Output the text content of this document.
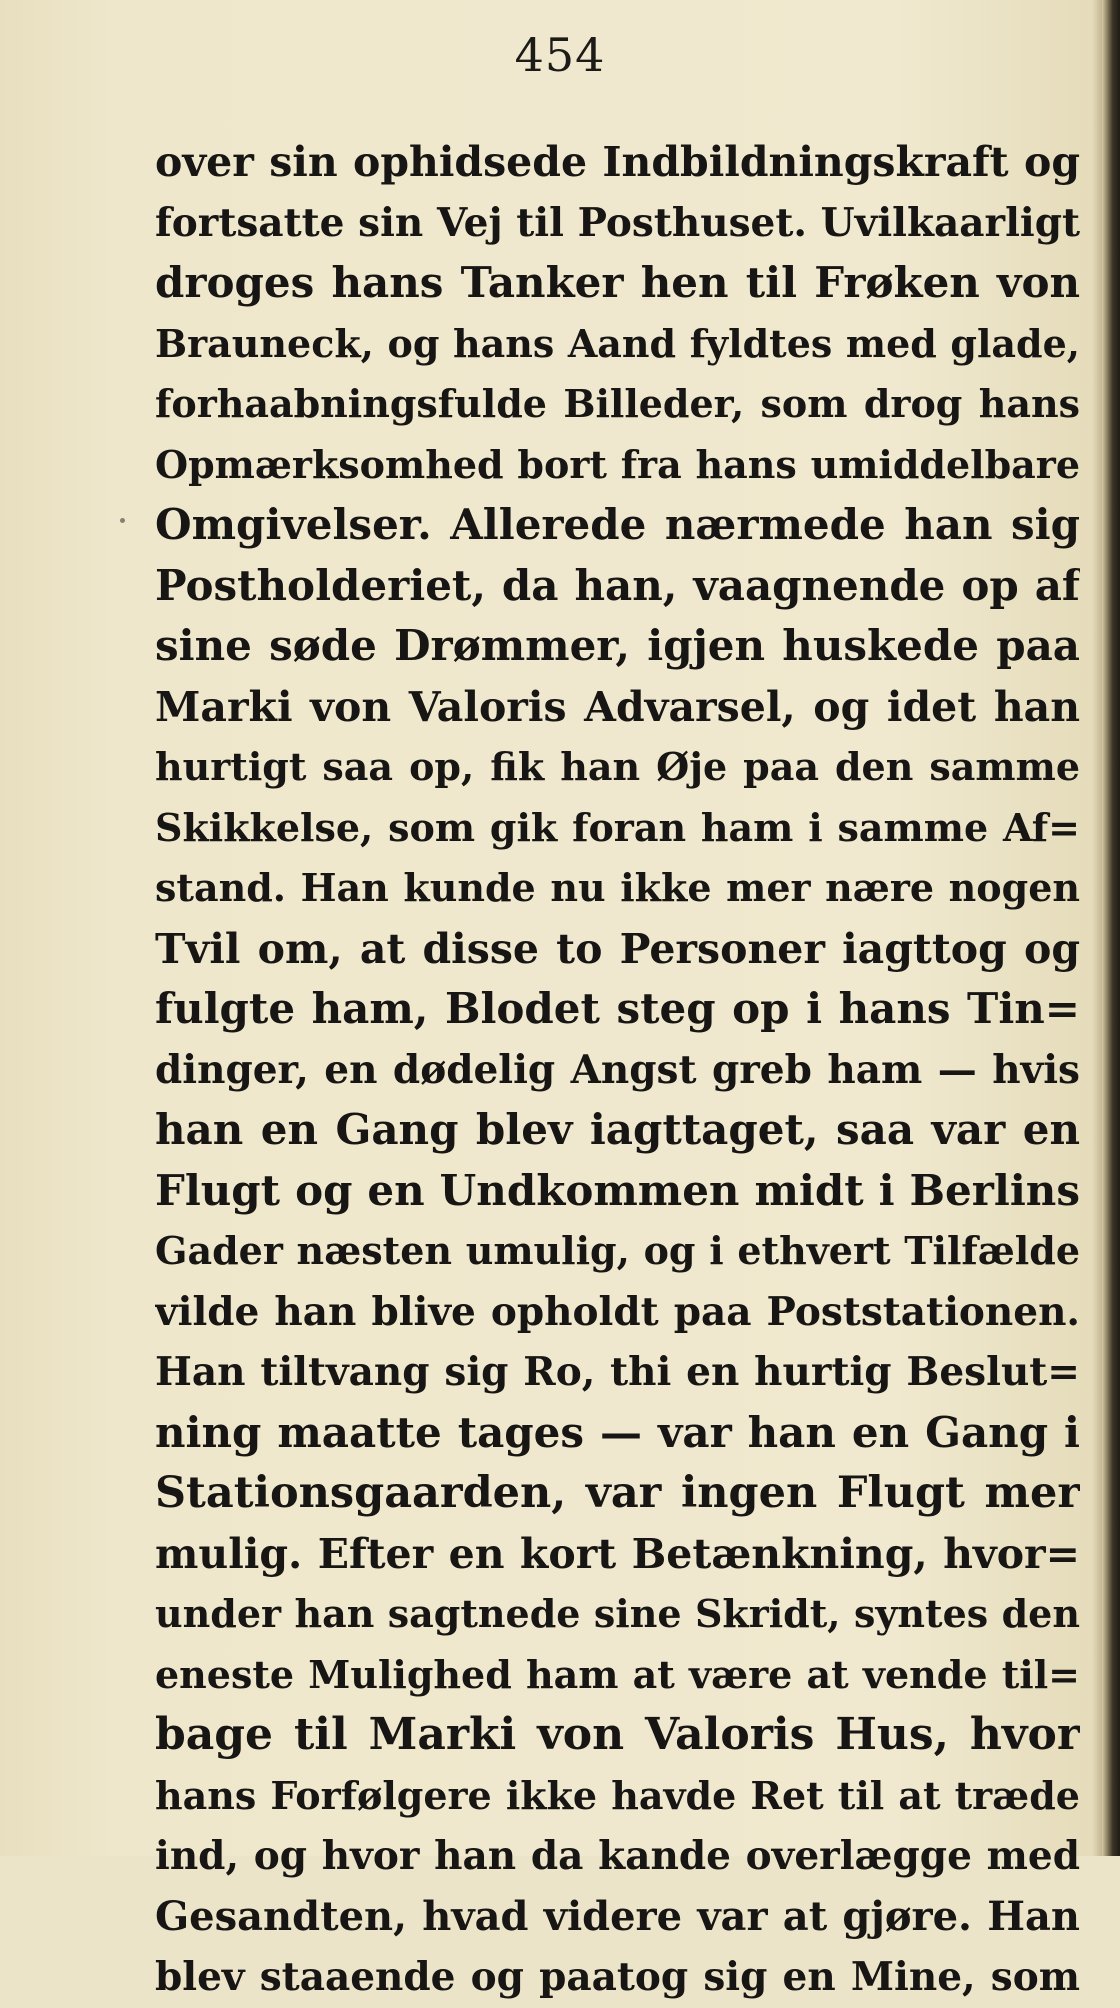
454
over sin ophidsede Indbildningskraft og
fortsatte sin Vej til Posthuset. Uvilkaarligt
droges hans Tanker hen til Frøken von
Brauneck, og hans Aand fyldtes med glade,
forhaabningsfulde Billeder, som drog hans
Opmærksomhed bort fra hans umiddelbare
Omgivelser. Allerede nærmede han sig
Postholderiet, da han, vaagnende op af
sine søde Drømmer, igjen huskede paa
Marki von Valoris Advarsel, og idet han
hurtigt saa op, fik han Øje paa den samme
Skikkelse, som gik foran ham i samme Af=
stand. Han kunde nu ikke mer nære nogen
Tvil om, at disse to Personer iagttog og
fulgte ham, Blodet steg op i hans Tin=
dinger, en dødelig Angst greb ham — hvis
han en Gang blev iagttaget, saa var en
Flugt og en Undkommen midt i Berlins
Gader næsten umulig, og i ethvert Tilfælde
vilde han blive opholdt paa Poststationen.
Han tiltvang sig Ro, thi en hurtig Beslut=
ning maatte tages — var han en Gang i
Stationsgaarden, var ingen Flugt mer
mulig. Efter en kort Betænkning, hvor=
under han sagtnede sine Skridt, syntes den
eneste Mulighed ham at være at vende til=
bage til Marki von Valoris Hus, hvor
hans Forfølgere ikke havde Ret til at træde
ind, og hvor han da kande overlægge med
Gesandten, hvad videre var at gjøre. Han
blev staaende og paatog sig en Mine, som
